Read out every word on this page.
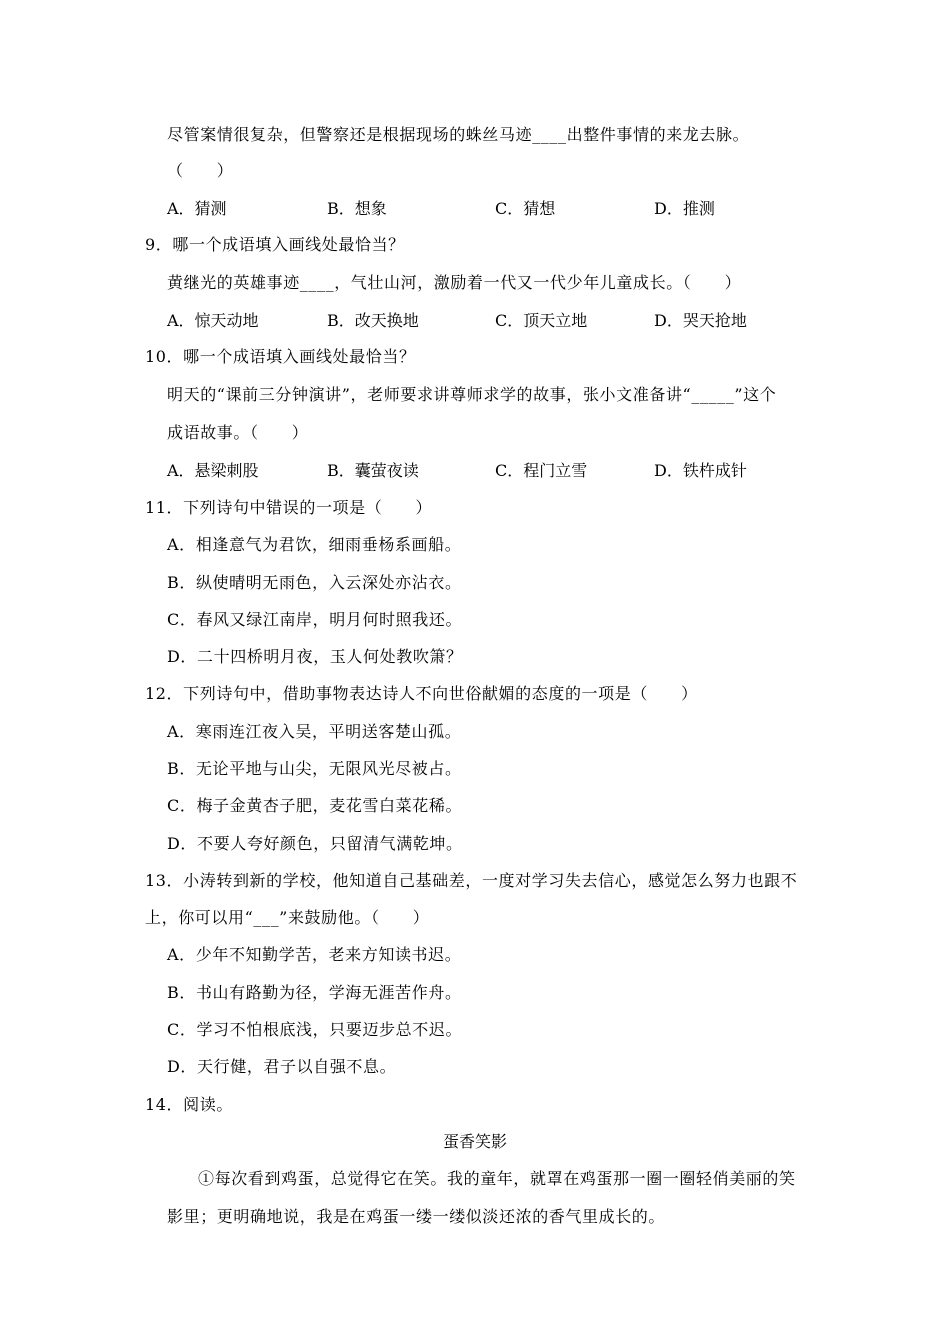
尽管案情很复杂，但警察还是根据现场的蛛丝马迹____出整件事情的来龙去脉。
（　　）
A．猜测	B．想象	C．猜想	D．推测
9．哪一个成语填入画线处最恰当？
黄继光的英雄事迹____，气壮山河，激励着一代又一代少年儿童成长。（　　）
A．惊天动地	B．改天换地	C．顶天立地	D．哭天抢地
10．哪一个成语填入画线处最恰当？
明天的“课前三分钟演讲”，老师要求讲尊师求学的故事，张小文准备讲“_____”这个
成语故事。（　　）
A．悬梁刺股	B．囊萤夜读	C．程门立雪	D．铁杵成针
11．下列诗句中错误的一项是（　　）
A．相逢意气为君饮，细雨垂杨系画船。
B．纵使晴明无雨色，入云深处亦沾衣。
C．春风又绿江南岸，明月何时照我还。
D．二十四桥明月夜，玉人何处教吹箫？
12．下列诗句中，借助事物表达诗人不向世俗献媚的态度的一项是（　　）
A．寒雨连江夜入吴，平明送客楚山孤。
B．无论平地与山尖，无限风光尽被占。
C．梅子金黄杏子肥，麦花雪白菜花稀。
D．不要人夸好颜色，只留清气满乾坤。
13．小涛转到新的学校，他知道自己基础差，一度对学习失去信心，感觉怎么努力也跟不
上，你可以用“___”来鼓励他。（　　）
A．少年不知勤学苦，老来方知读书迟。
B．书山有路勤为径，学海无涯苦作舟。
C．学习不怕根底浅，只要迈步总不迟。
D．天行健，君子以自强不息。
14．阅读。
蛋香笑影
①每次看到鸡蛋，总觉得它在笑。我的童年，就罩在鸡蛋那一圈一圈轻俏美丽的笑
影里；更明确地说，我是在鸡蛋一缕一缕似淡还浓的香气里成长的。
